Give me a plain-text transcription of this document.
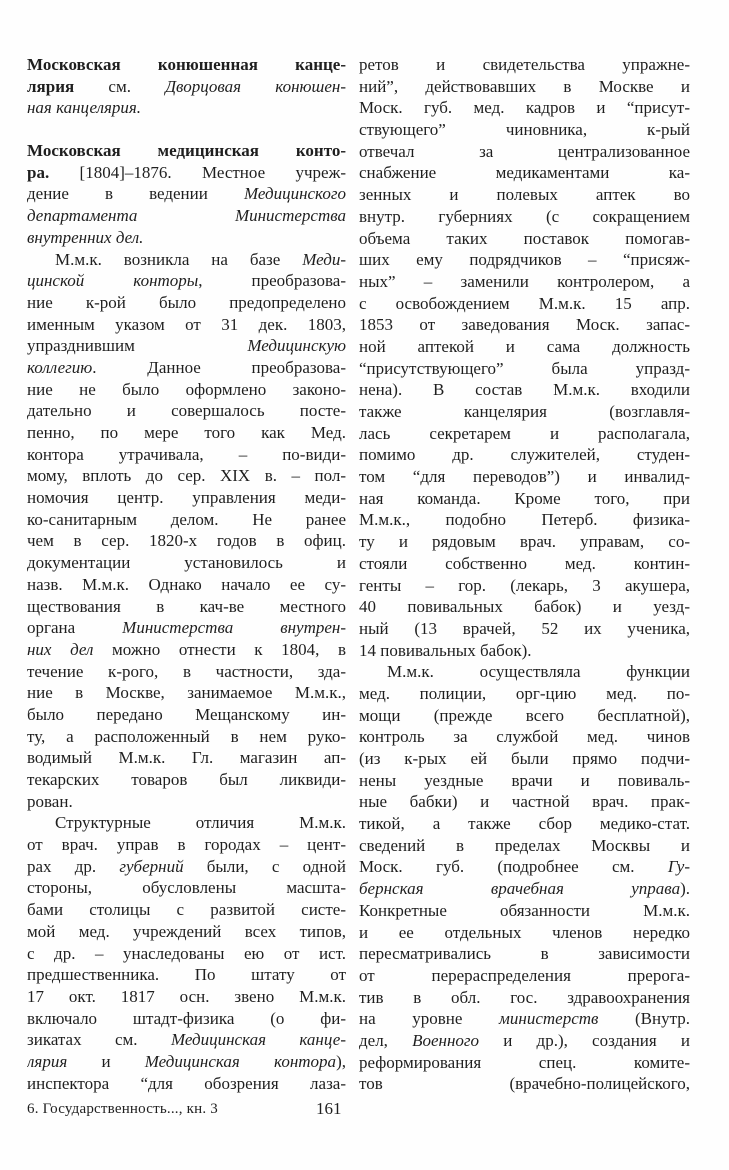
Московская конюшенная канце-
лярия см. Дворцовая конюшен-
ная канцелярия.
Московская медицинская конто-
ра. [1804]–1876. Местное учреж-
дение в ведении Медицинского
департамента Министерства
внутренних дел.
М.м.к. возникла на базе Меди-
цинской конторы, преобразова-
ние к-рой было предопределено
именным указом от 31 дек. 1803,
упразднившим Медицинскую
коллегию. Данное преобразова-
ние не было оформлено законо-
дательно и совершалось посте-
пенно, по мере того как Мед.
контора утрачивала, – по-види-
мому, вплоть до сер. XIX в. – пол-
номочия центр. управления меди-
ко-санитарным делом. Не ранее
чем в сер. 1820-х годов в офиц.
документации установилось и
назв. М.м.к. Однако начало ее су-
ществования в кач-ве местного
органа Министерства внутрен-
них дел можно отнести к 1804, в
течение к-рого, в частности, зда-
ние в Москве, занимаемое М.м.к.,
было передано Мещанскому ин-
ту, а расположенный в нем руко-
водимый М.м.к. Гл. магазин ап-
текарских товаров был ликвиди-
рован.
Структурные отличия М.м.к.
от врач. управ в городах – цент-
рах др. губерний были, с одной
стороны, обусловлены масшта-
бами столицы с развитой систе-
мой мед. учреждений всех типов,
с др. – унаследованы ею от ист.
предшественника. По штату от
17 окт. 1817 осн. звено М.м.к.
включало штадт-физика (о фи-
зикатах см. Медицинская канце-
лярия и Медицинская контора),
инспектора “для обозрения лаза-
ретов и свидетельства упражне-
ний”, действовавших в Москве и
Моск. губ. мед. кадров и “присут-
ствующего” чиновника, к-рый
отвечал за централизованное
снабжение медикаментами ка-
зенных и полевых аптек во
внутр. губерниях (с сокращением
объема таких поставок помогав-
ших ему подрядчиков – “присяж-
ных” – заменили контролером, а
с освобождением М.м.к. 15 апр.
1853 от заведования Моск. запас-
ной аптекой и сама должность
“присутствующего” была упразд-
нена). В состав М.м.к. входили
также канцелярия (возглавля-
лась секретарем и располагала,
помимо др. служителей, студен-
том “для переводов”) и инвалид-
ная команда. Кроме того, при
М.м.к., подобно Петерб. физика-
ту и рядовым врач. управам, со-
стояли собственно мед. контин-
генты – гор. (лекарь, 3 акушера,
40 повивальных бабок) и уезд-
ный (13 врачей, 52 их ученика,
14 повивальных бабок).
М.м.к. осуществляла функции
мед. полиции, орг-цию мед. по-
мощи (прежде всего бесплатной),
контроль за службой мед. чинов
(из к-рых ей были прямо подчи-
нены уездные врачи и повиваль-
ные бабки) и частной врач. прак-
тикой, а также сбор медико-стат.
сведений в пределах Москвы и
Моск. губ. (подробнее см. Гу-
бернская врачебная управа).
Конкретные обязанности М.м.к.
и ее отдельных членов нередко
пересматривались в зависимости
от перераспределения прерога-
тив в обл. гос. здравоохранения
на уровне министерств (Внутр.
дел, Военного и др.), создания и
реформирования спец. комите-
тов (врачебно-полицейского,
6. Государственность..., кн. 3	161
